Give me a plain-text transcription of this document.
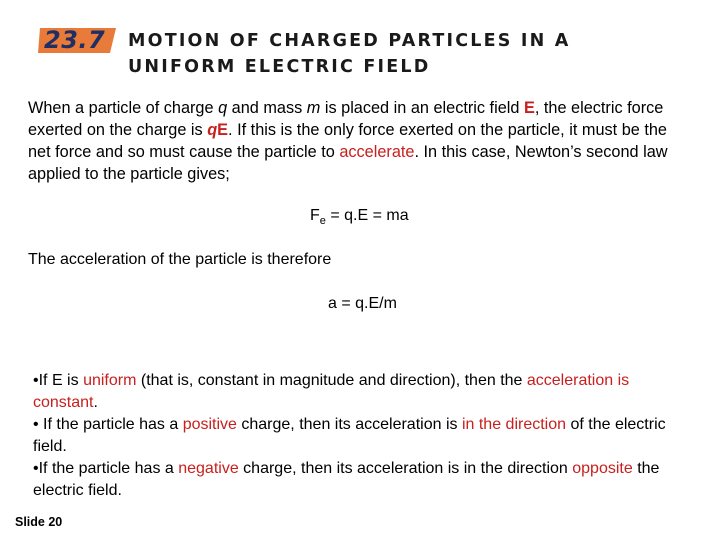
23.7 MOTION OF CHARGED PARTICLES IN A
UNIFORM ELECTRIC FIELD
When a particle of charge q and mass m is placed in an electric field E, the electric force exerted on the charge is qE. If this is the only force exerted on the particle, it must be the net force and so must cause the particle to accelerate. In this case, Newton’s second law applied to the particle gives;
$F_e = q.E$ = ma
The acceleration of the particle is therefore
a = q.E/m
•If E is uniform (that is, constant in magnitude and direction), then the acceleration is constant.
• If the particle has a positive charge, then its acceleration is in the direction of the electric field.
•If the particle has a negative charge, then its acceleration is in the direction opposite the electric field.
Slide 20
